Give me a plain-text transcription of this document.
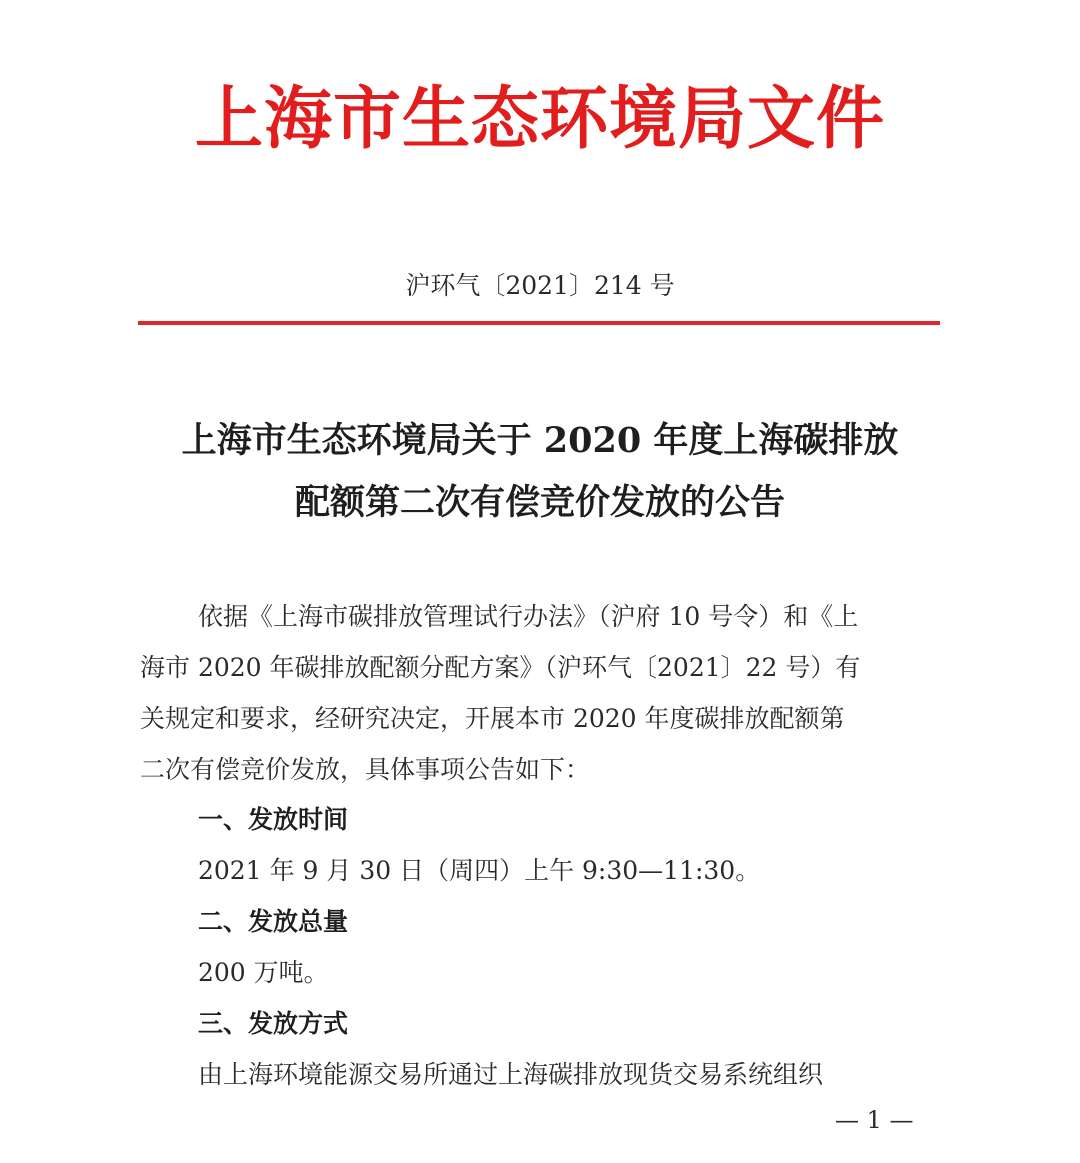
上海市生态环境局文件
沪环气〔2021〕214 号
上海市生态环境局关于 2020 年度上海碳排放
配额第二次有偿竞价发放的公告
依据《上海市碳排放管理试行办法》（沪府 10 号令）和《上
海市 2020 年碳排放配额分配方案》（沪环气〔2021〕22 号）有
关规定和要求，经研究决定，开展本市 2020 年度碳排放配额第
二次有偿竞价发放，具体事项公告如下：
一、发放时间
2021 年 9 月 30 日（周四）上午 9:30—11:30。
二、发放总量
200 万吨。
三、发放方式
由上海环境能源交易所通过上海碳排放现货交易系统组织
— 1 —
